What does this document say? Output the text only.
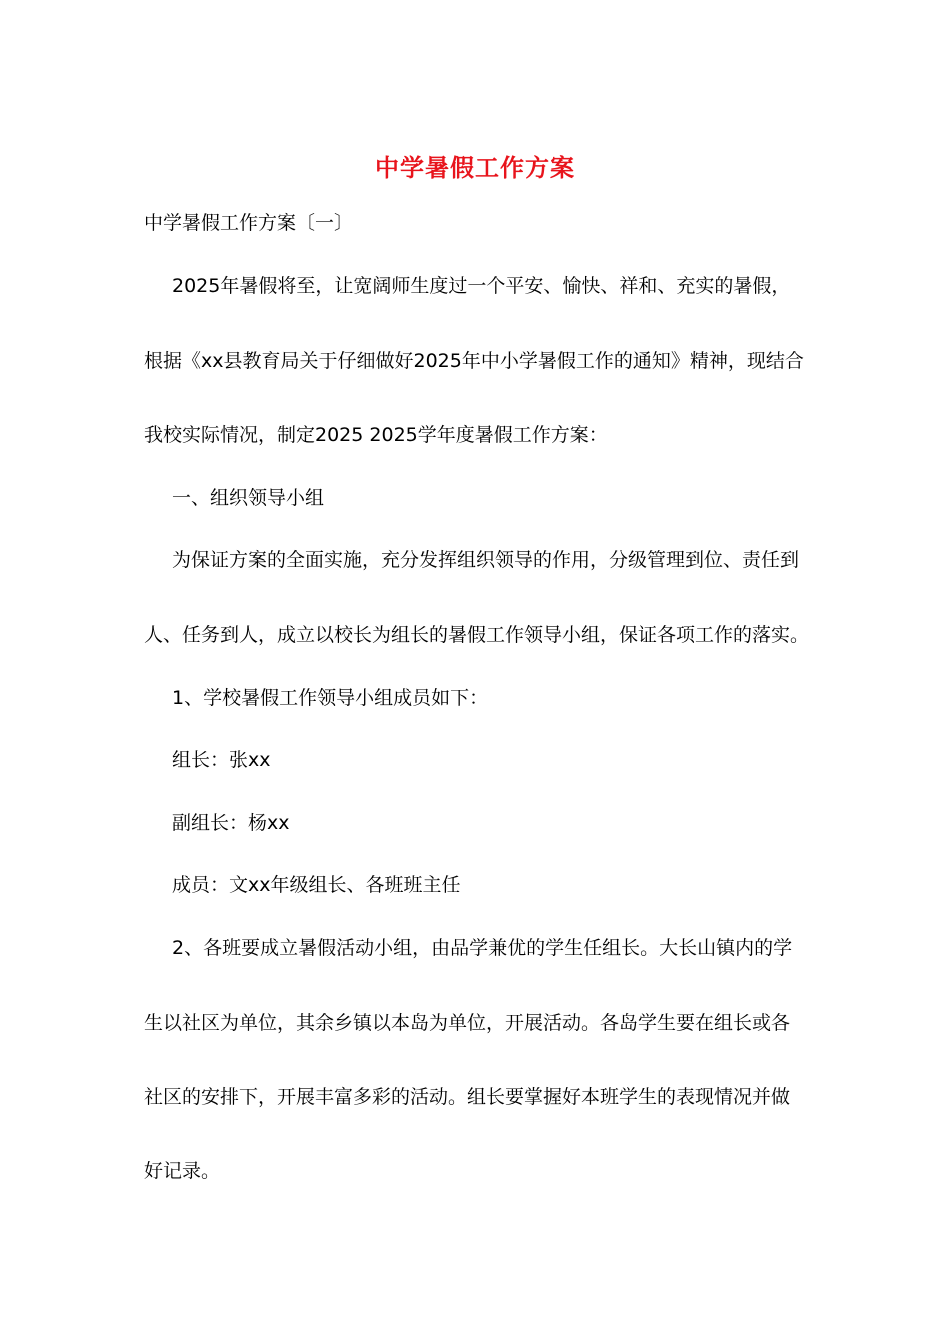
中学暑假工作方案

中学暑假工作方案〔一〕

2025年暑假将至，让宽阔师生度过一个平安、愉快、祥和、充实的暑假，

根据《xx县教育局关于仔细做好2025年中小学暑假工作的通知》精神，现结合

我校实际情况，制定2025 2025学年度暑假工作方案：

一、组织领导小组

为保证方案的全面实施，充分发挥组织领导的作用，分级管理到位、责任到

人、任务到人，成立以校长为组长的暑假工作领导小组，保证各项工作的落实。

1、学校暑假工作领导小组成员如下：

组长：张xx

副组长：杨xx

成员：文xx年级组长、各班班主任

2、各班要成立暑假活动小组，由品学兼优的学生任组长。大长山镇内的学

生以社区为单位，其余乡镇以本岛为单位，开展活动。各岛学生要在组长或各

社区的安排下，开展丰富多彩的活动。组长要掌握好本班学生的表现情况并做

好记录。
